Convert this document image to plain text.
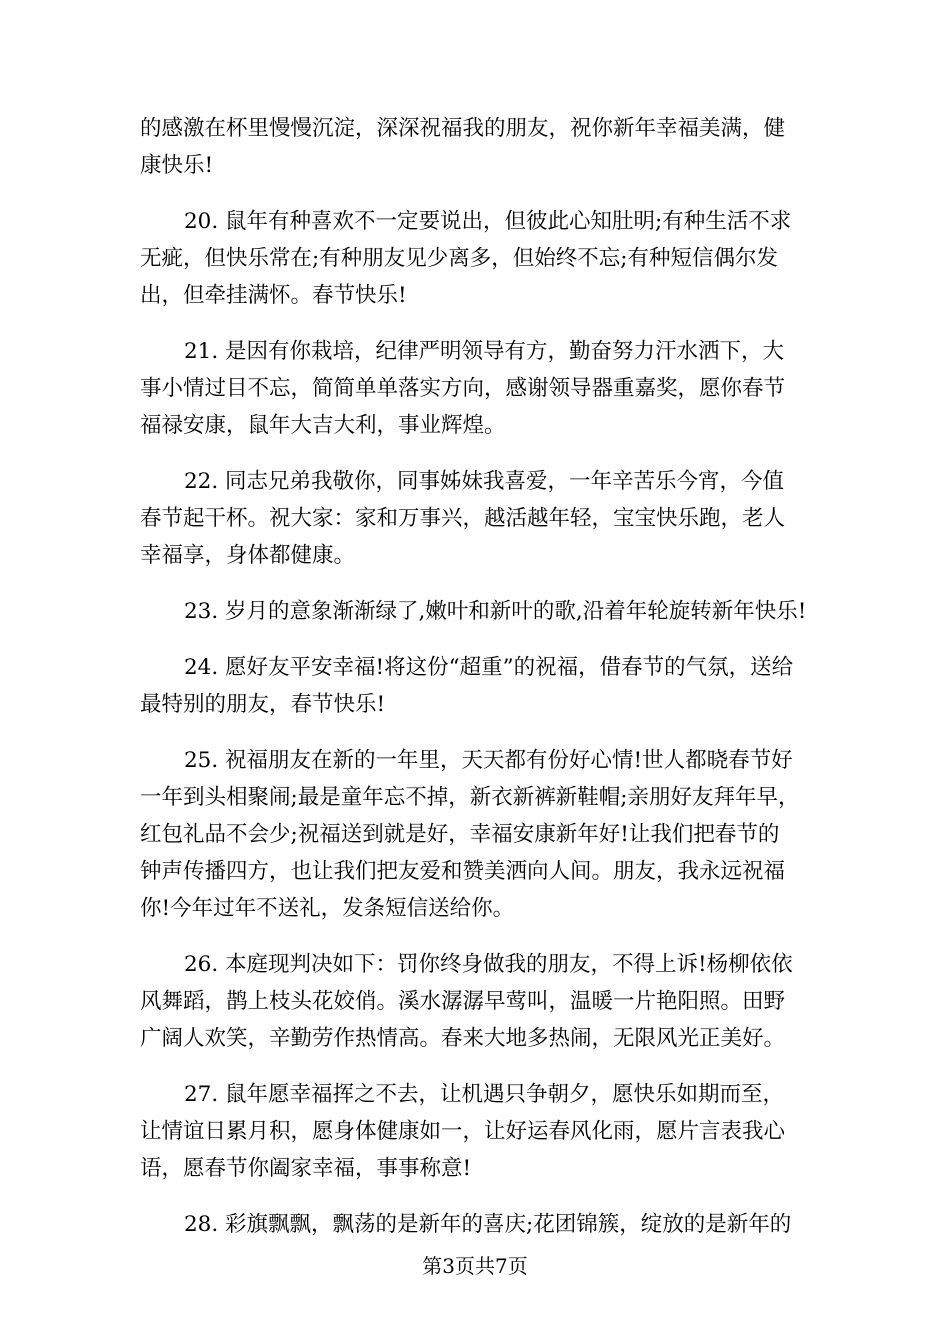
的感激在杯里慢慢沉淀，深深祝福我的朋友，祝你新年幸福美满，健
康快乐!

20. 鼠年有种喜欢不一定要说出，但彼此心知肚明;有种生活不求
无疵，但快乐常在;有种朋友见少离多，但始终不忘;有种短信偶尔发
出，但牵挂满怀。春节快乐!

21. 是因有你栽培，纪律严明领导有方，勤奋努力汗水洒下，大
事小情过目不忘，简简单单落实方向，感谢领导器重嘉奖，愿你春节
福禄安康，鼠年大吉大利，事业辉煌。

22. 同志兄弟我敬你，同事姊妹我喜爱，一年辛苦乐今宵，今值
春节起干杯。祝大家：家和万事兴，越活越年轻，宝宝快乐跑，老人
幸福享，身体都健康。

23. 岁月的意象渐渐绿了,嫩叶和新叶的歌,沿着年轮旋转新年快乐!

24. 愿好友平安幸福!将这份“超重”的祝福，借春节的气氛，送给
最特别的朋友，春节快乐!

25. 祝福朋友在新的一年里，天天都有份好心情!世人都晓春节好
一年到头相聚闹;最是童年忘不掉，新衣新裤新鞋帽;亲朋好友拜年早，
红包礼品不会少;祝福送到就是好，幸福安康新年好!让我们把春节的
钟声传播四方，也让我们把友爱和赞美洒向人间。朋友，我永远祝福
你!今年过年不送礼，发条短信送给你。

26. 本庭现判决如下：罚你终身做我的朋友，不得上诉!杨柳依依
风舞蹈，鹊上枝头花姣俏。溪水潺潺早莺叫，温暖一片艳阳照。田野
广阔人欢笑，辛勤劳作热情高。春来大地多热闹，无限风光正美好。

27. 鼠年愿幸福挥之不去，让机遇只争朝夕，愿快乐如期而至，
让情谊日累月积，愿身体健康如一，让好运春风化雨，愿片言表我心
语，愿春节你阖家幸福，事事称意!

28. 彩旗飘飘，飘荡的是新年的喜庆;花团锦簇，绽放的是新年的

第3页共7页
